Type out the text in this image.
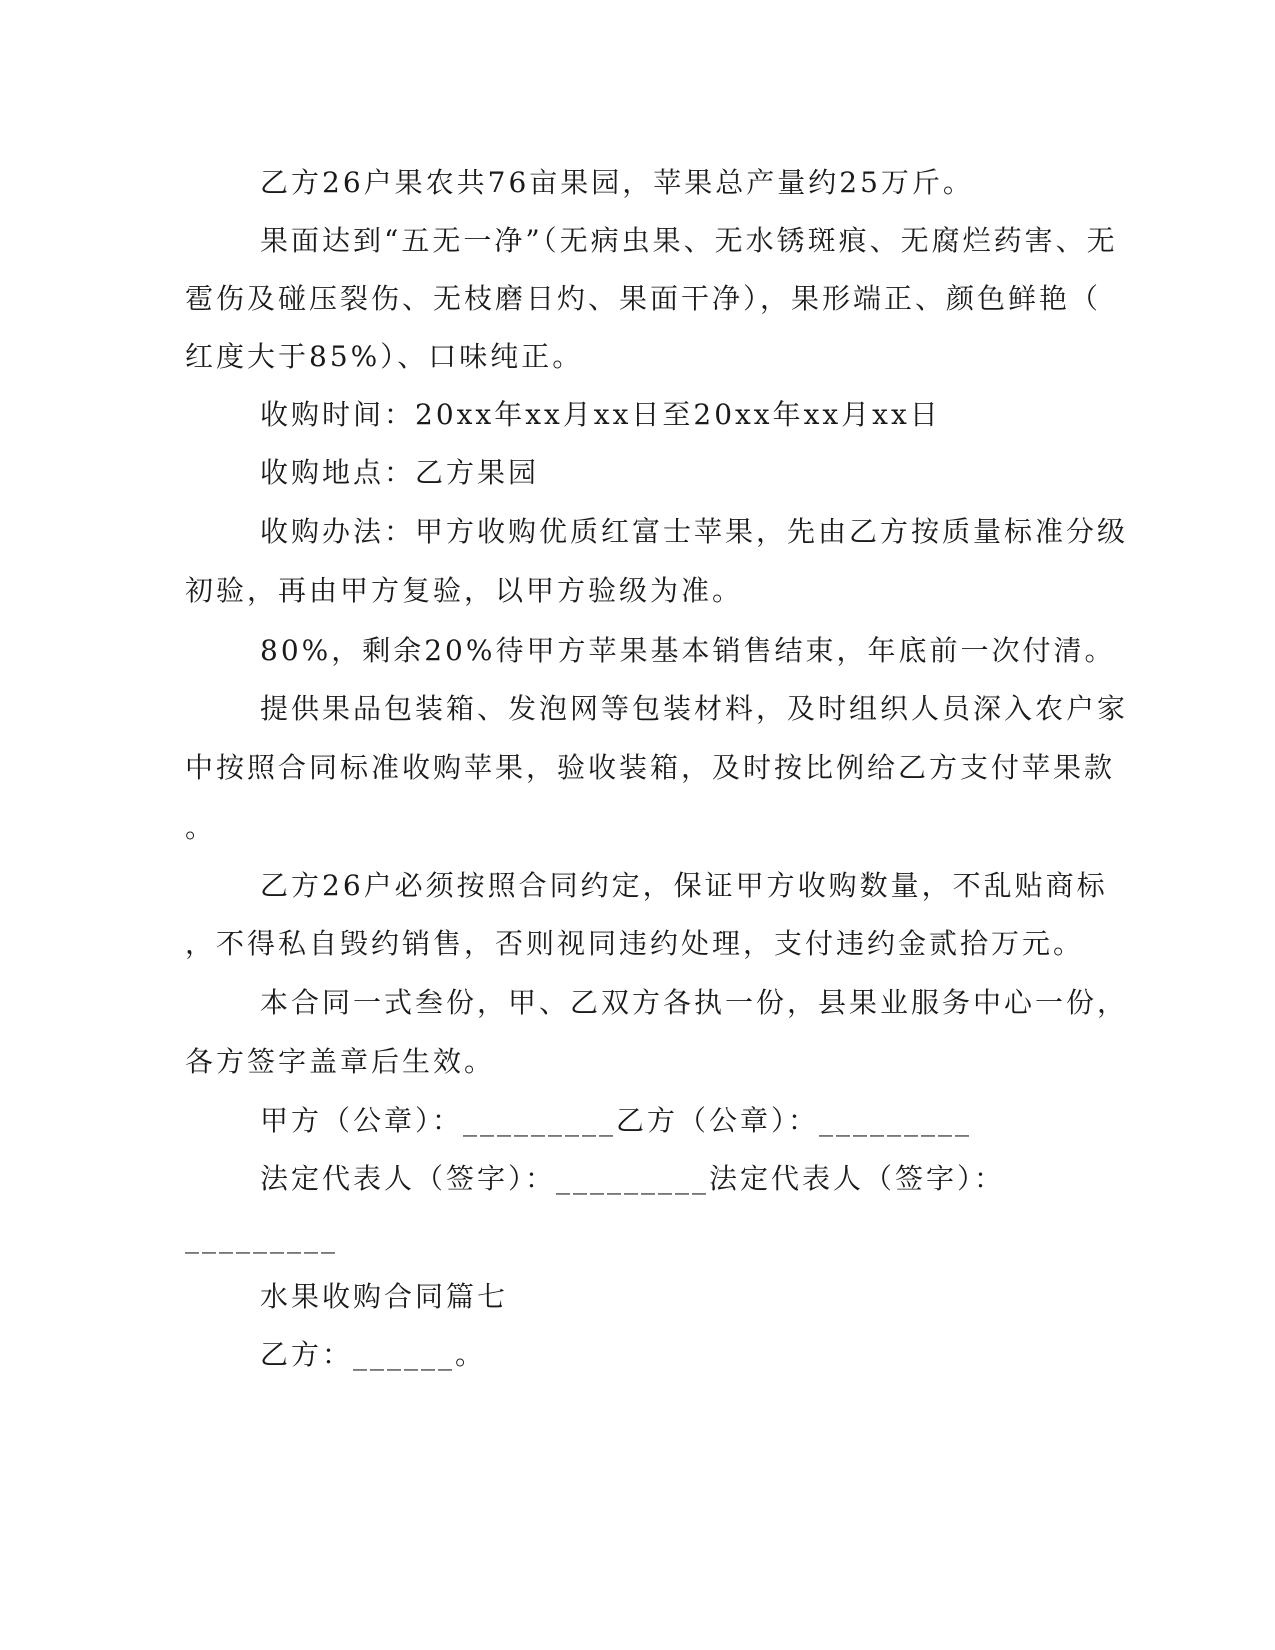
乙方26户果农共76亩果园，苹果总产量约25万斤。
果面达到“五无一净”（无病虫果、无水锈斑痕、无腐烂药害、无
雹伤及碰压裂伤、无枝磨日灼、果面干净），果形端正、颜色鲜艳（
红度大于85%）、口味纯正。
收购时间：20xx年xx月xx日至20xx年xx月xx日
收购地点：乙方果园
收购办法：甲方收购优质红富士苹果，先由乙方按质量标准分级
初验，再由甲方复验，以甲方验级为准。
80%，剩余20%待甲方苹果基本销售结束，年底前一次付清。
提供果品包装箱、发泡网等包装材料，及时组织人员深入农户家
中按照合同标准收购苹果，验收装箱，及时按比例给乙方支付苹果款
。
乙方26户必须按照合同约定，保证甲方收购数量，不乱贴商标
，不得私自毁约销售，否则视同违约处理，支付违约金贰拾万元。
本合同一式叁份，甲、乙双方各执一份，县果业服务中心一份，
各方签字盖章后生效。
甲方（公章）：_________乙方（公章）：_________
法定代表人（签字）：_________法定代表人（签字）：
_________
水果收购合同篇七
乙方：______。
